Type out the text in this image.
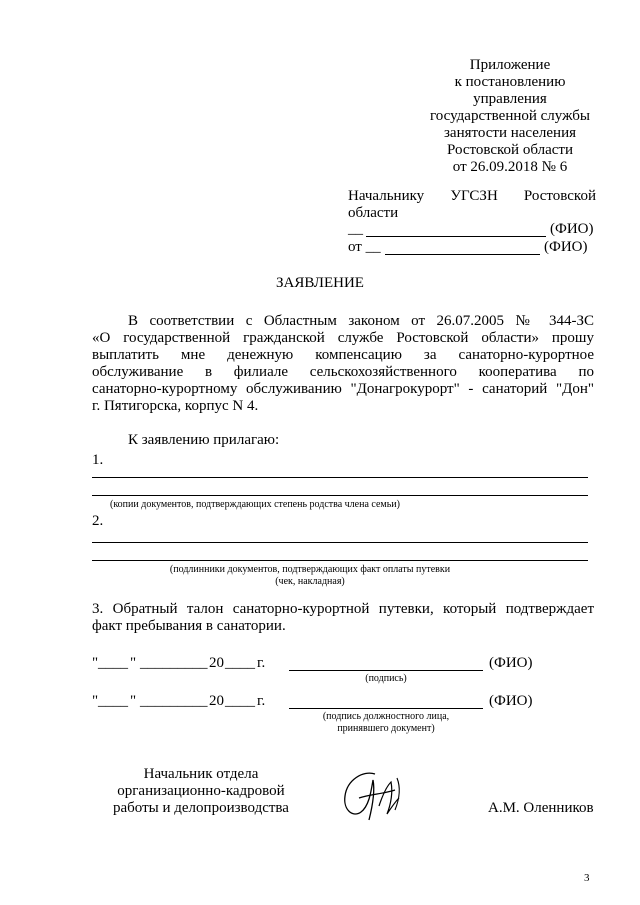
Приложение
к постановлению
управления
государственной службы
занятости населения
Ростовской области
от 26.09.2018 № 6
Начальнику УГСЗН Ростовской
области
__	(ФИО)
от __	(ФИО)
ЗАЯВЛЕНИЕ
В соответствии с Областным законом от 26.07.2005 № 344-ЗС
«О государственной гражданской службе Ростовской области» прошу
выплатить мне денежную компенсацию за санаторно-курортное
обслуживание в филиале сельскохозяйственного кооператива по
санаторно-курортному обслуживанию "Донагрокурорт" - санаторий "Дон"
г. Пятигорска, корпус N 4.
К заявлению прилагаю:
1.
(копии документов, подтверждающих степень родства члена семьи)
2.
(подлинники документов, подтверждающих факт оплаты путевки
(чек, накладная)
3. Обратный талон санаторно-курортной путевки, который подтверждает
факт пребывания в санатории.
" ____ " _________ 20 ____ г.	(ФИО)
(подпись)
" ____ " _________ 20 ____ г.	(ФИО)
(подпись должностного лица,
принявшего документ)
Начальник отдела
организационно-кадровой
работы и делопроизводства	А.М. Оленников
3
